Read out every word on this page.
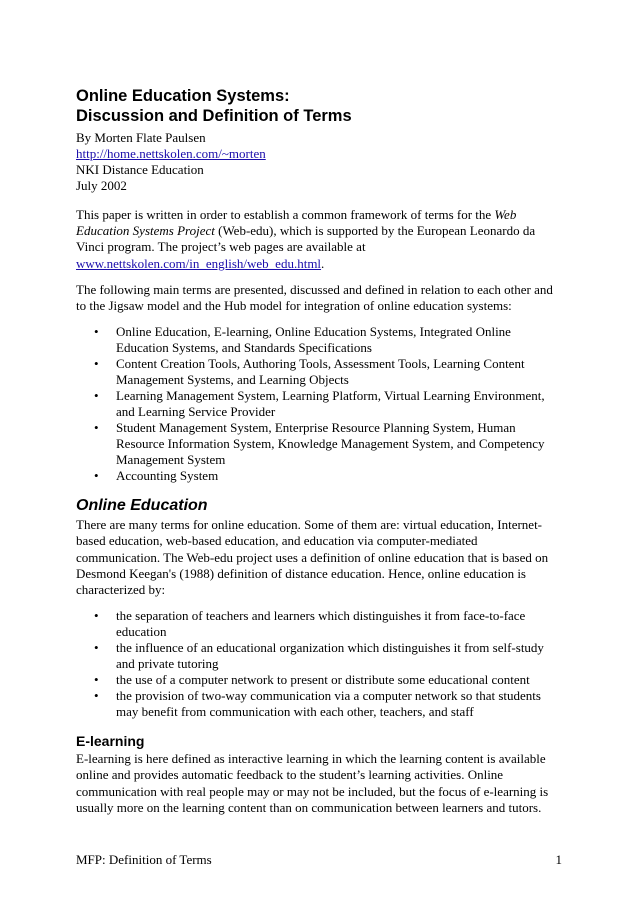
Online Education Systems:
Discussion and Definition of Terms
By Morten Flate Paulsen
http://home.nettskolen.com/~morten
NKI Distance Education
July 2002

This paper is written in order to establish a common framework of terms for the Web Education Systems Project (Web-edu), which is supported by the European Leonardo da Vinci program. The project’s web pages are available at www.nettskolen.com/in_english/web_edu.html.

The following main terms are presented, discussed and defined in relation to each other and to the Jigsaw model and the Hub model for integration of online education systems:

• Online Education, E-learning, Online Education Systems, Integrated Online Education Systems, and Standards Specifications
• Content Creation Tools, Authoring Tools, Assessment Tools, Learning Content Management Systems, and Learning Objects
• Learning Management System, Learning Platform, Virtual Learning Environment, and Learning Service Provider
• Student Management System, Enterprise Resource Planning System, Human Resource Information System, Knowledge Management System, and Competency Management System
• Accounting System
Online Education

There are many terms for online education. Some of them are: virtual education, Internet-based education, web-based education, and education via computer-mediated communication. The Web-edu project uses a definition of online education that is based on Desmond Keegan's (1988) definition of distance education. Hence, online education is characterized by:

• the separation of teachers and learners which distinguishes it from face-to-face education
• the influence of an educational organization which distinguishes it from self-study and private tutoring
• the use of a computer network to present or distribute some educational content
• the provision of two-way communication via a computer network so that students may benefit from communication with each other, teachers, and staff
E-learning

E-learning is here defined as interactive learning in which the learning content is available online and provides automatic feedback to the student’s learning activities. Online communication with real people may or may not be included, but the focus of e-learning is usually more on the learning content than on communication between learners and tutors.

MFP: Definition of Terms	1
